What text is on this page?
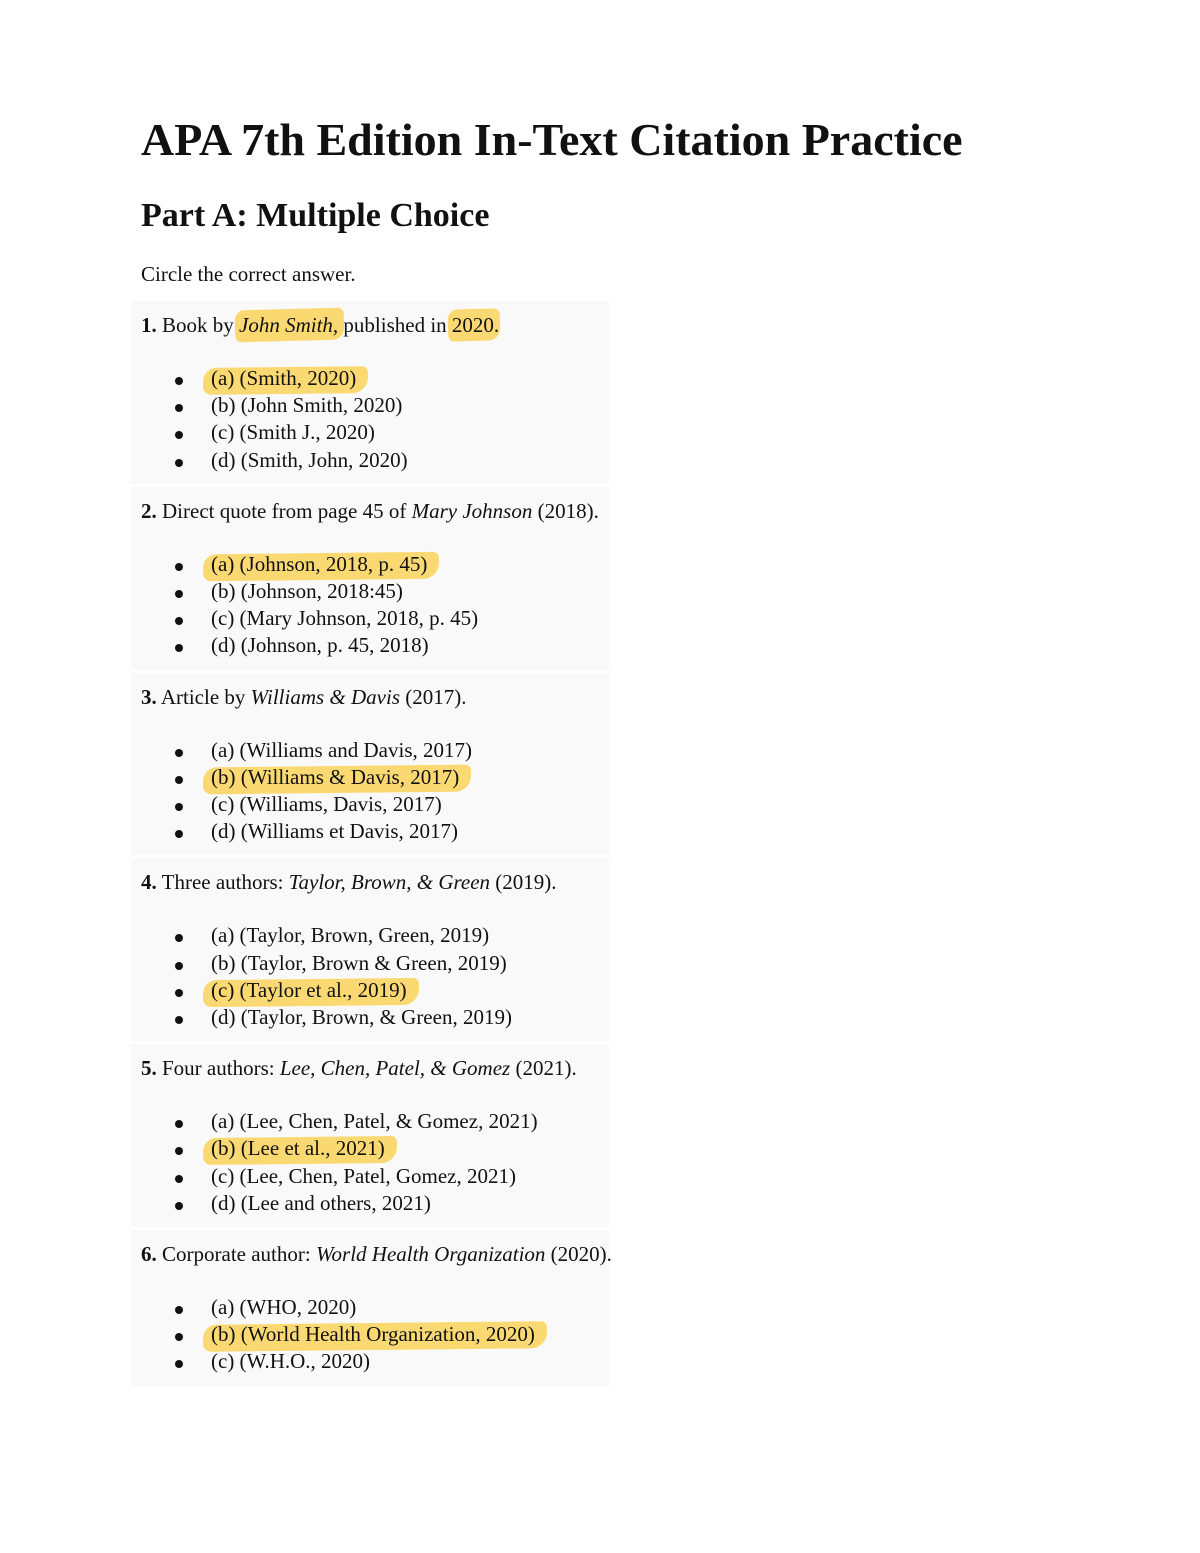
APA 7th Edition In-Text Citation Practice
Part A: Multiple Choice

Circle the correct answer.

1. Book by John Smith, published in 2020.

(a) (Smith, 2020)
(b) (John Smith, 2020)
(c) (Smith J., 2020)
(d) (Smith, John, 2020)

2. Direct quote from page 45 of Mary Johnson (2018).

(a) (Johnson, 2018, p. 45)
(b) (Johnson, 2018:45)
(c) (Mary Johnson, 2018, p. 45)
(d) (Johnson, p. 45, 2018)

3. Article by Williams & Davis (2017).

(a) (Williams and Davis, 2017)
(b) (Williams & Davis, 2017)
(c) (Williams, Davis, 2017)
(d) (Williams et Davis, 2017)

4. Three authors: Taylor, Brown, & Green (2019).

(a) (Taylor, Brown, Green, 2019)
(b) (Taylor, Brown & Green, 2019)
(c) (Taylor et al., 2019)
(d) (Taylor, Brown, & Green, 2019)

5. Four authors: Lee, Chen, Patel, & Gomez (2021).

(a) (Lee, Chen, Patel, & Gomez, 2021)
(b) (Lee et al., 2021)
(c) (Lee, Chen, Patel, Gomez, 2021)
(d) (Lee and others, 2021)

6. Corporate author: World Health Organization (2020).

(a) (WHO, 2020)
(b) (World Health Organization, 2020)
(c) (W.H.O., 2020)
